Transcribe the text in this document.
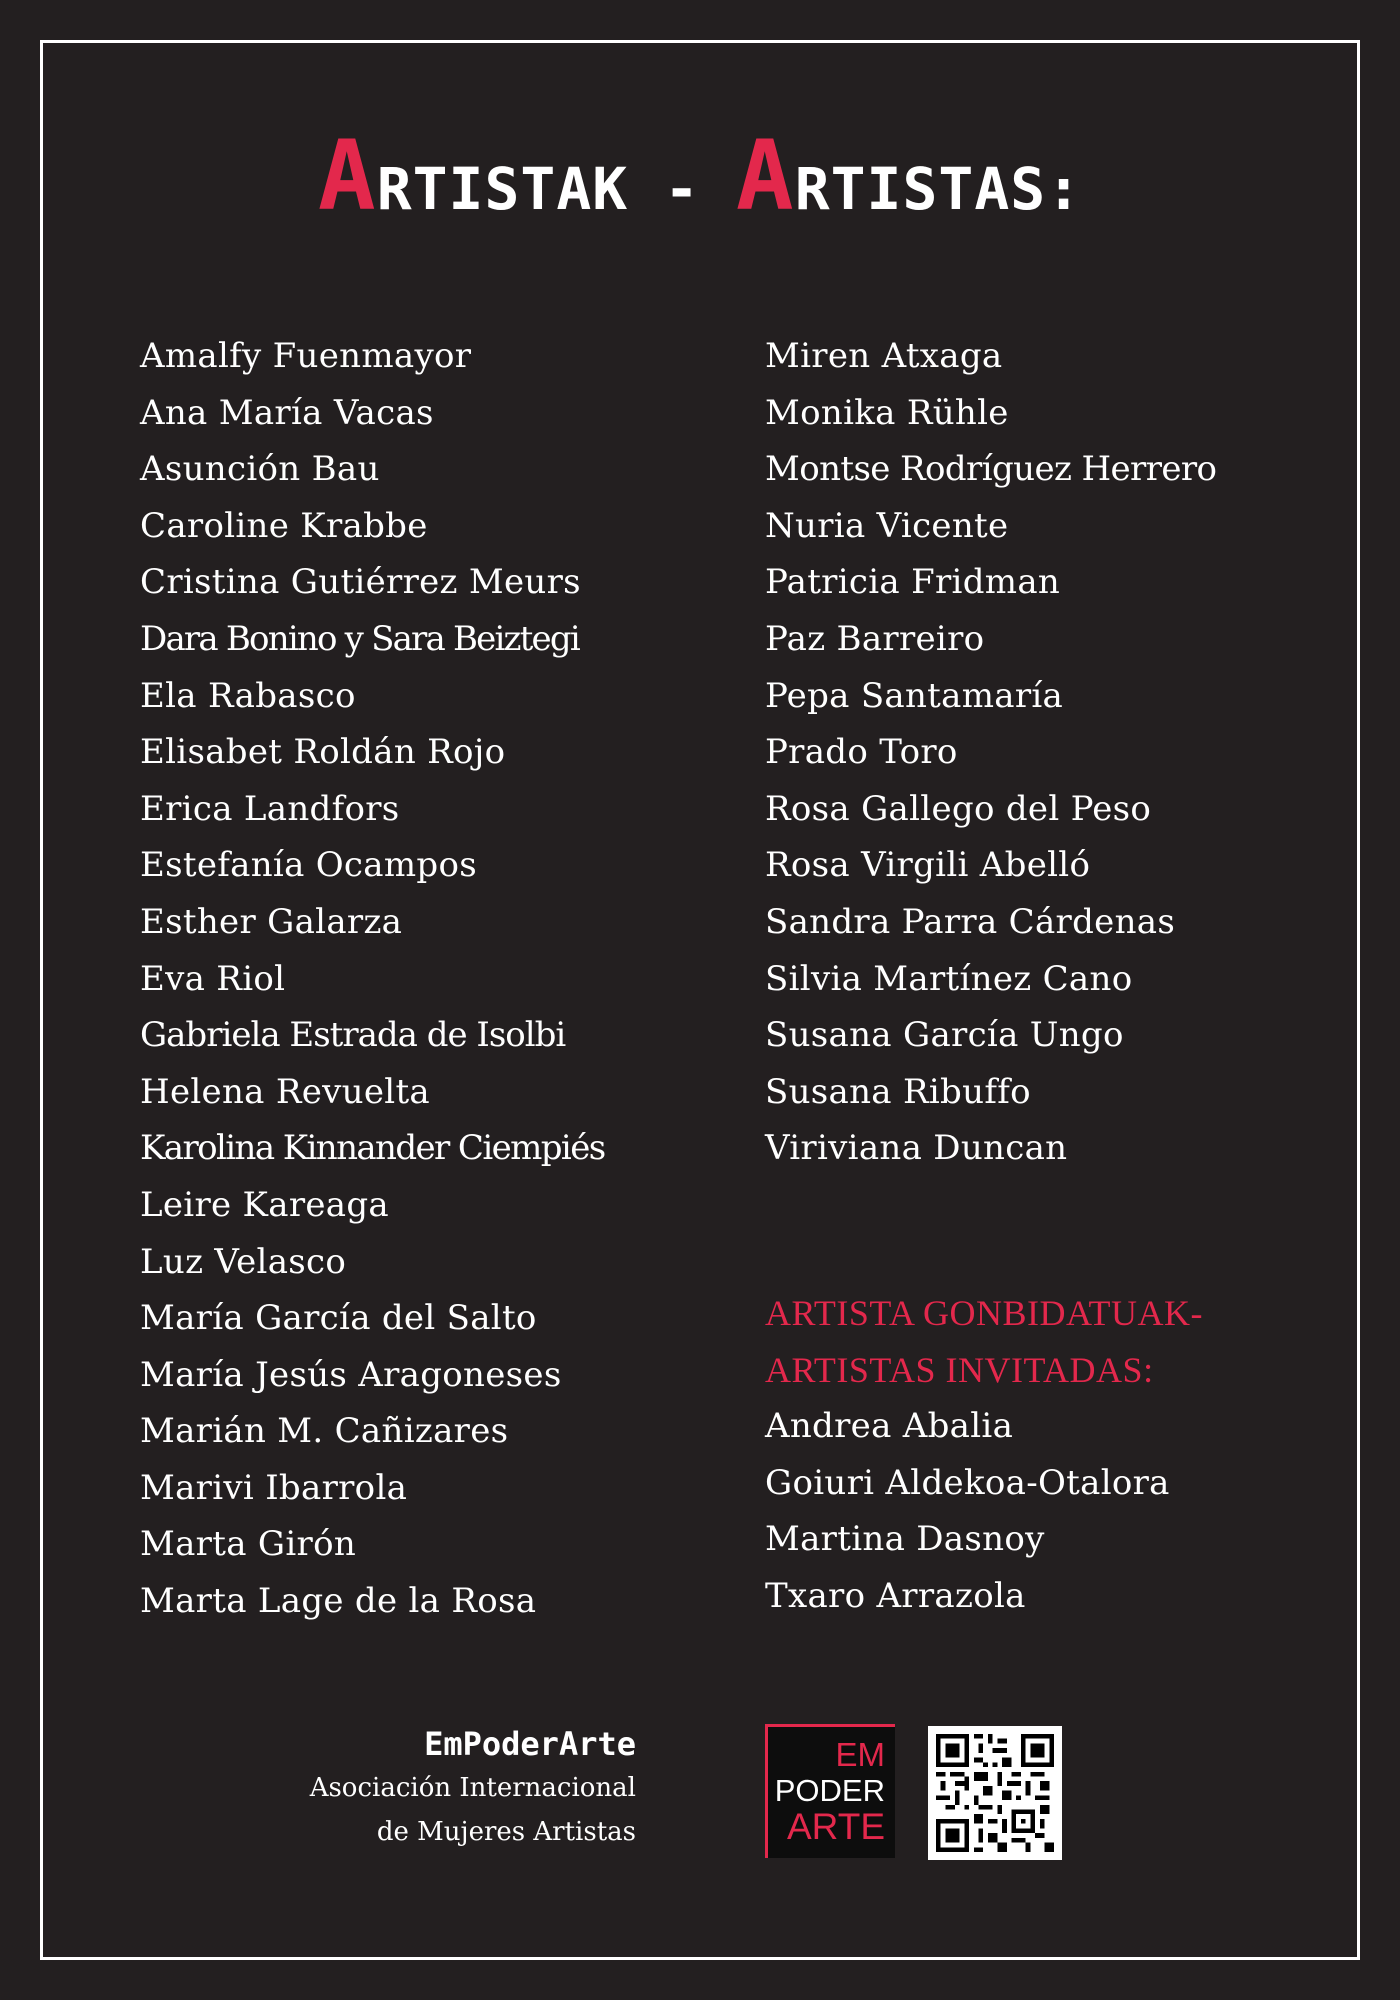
ARTISTAK - ARTISTAS:
Amalfy Fuenmayor
Ana María Vacas
Asunción Bau
Caroline Krabbe
Cristina Gutiérrez Meurs
Dara Bonino y Sara Beiztegi
Ela Rabasco
Elisabet Roldán Rojo
Erica Landfors
Estefanía Ocampos
Esther Galarza
Eva Riol
Gabriela Estrada de Isolbi
Helena Revuelta
Karolina Kinnander Ciempiés
Leire Kareaga
Luz Velasco
María García del Salto
María Jesús Aragoneses
Marián M. Cañizares
Marivi Ibarrola
Marta Girón
Marta Lage de la Rosa
Miren Atxaga
Monika Rühle
Montse Rodríguez Herrero
Nuria Vicente
Patricia Fridman
Paz Barreiro
Pepa Santamaría
Prado Toro
Rosa Gallego del Peso
Rosa Virgili Abelló
Sandra Parra Cárdenas
Silvia Martínez Cano
Susana García Ungo
Susana Ribuffo
Viriviana Duncan
ARTISTA GONBIDATUAK-
ARTISTAS INVITADAS:
Andrea Abalia
Goiuri Aldekoa-Otalora
Martina Dasnoy
Txaro Arrazola
EmPoderArte
Asociación Internacional
de Mujeres Artistas
EM
PODER
ARTE
